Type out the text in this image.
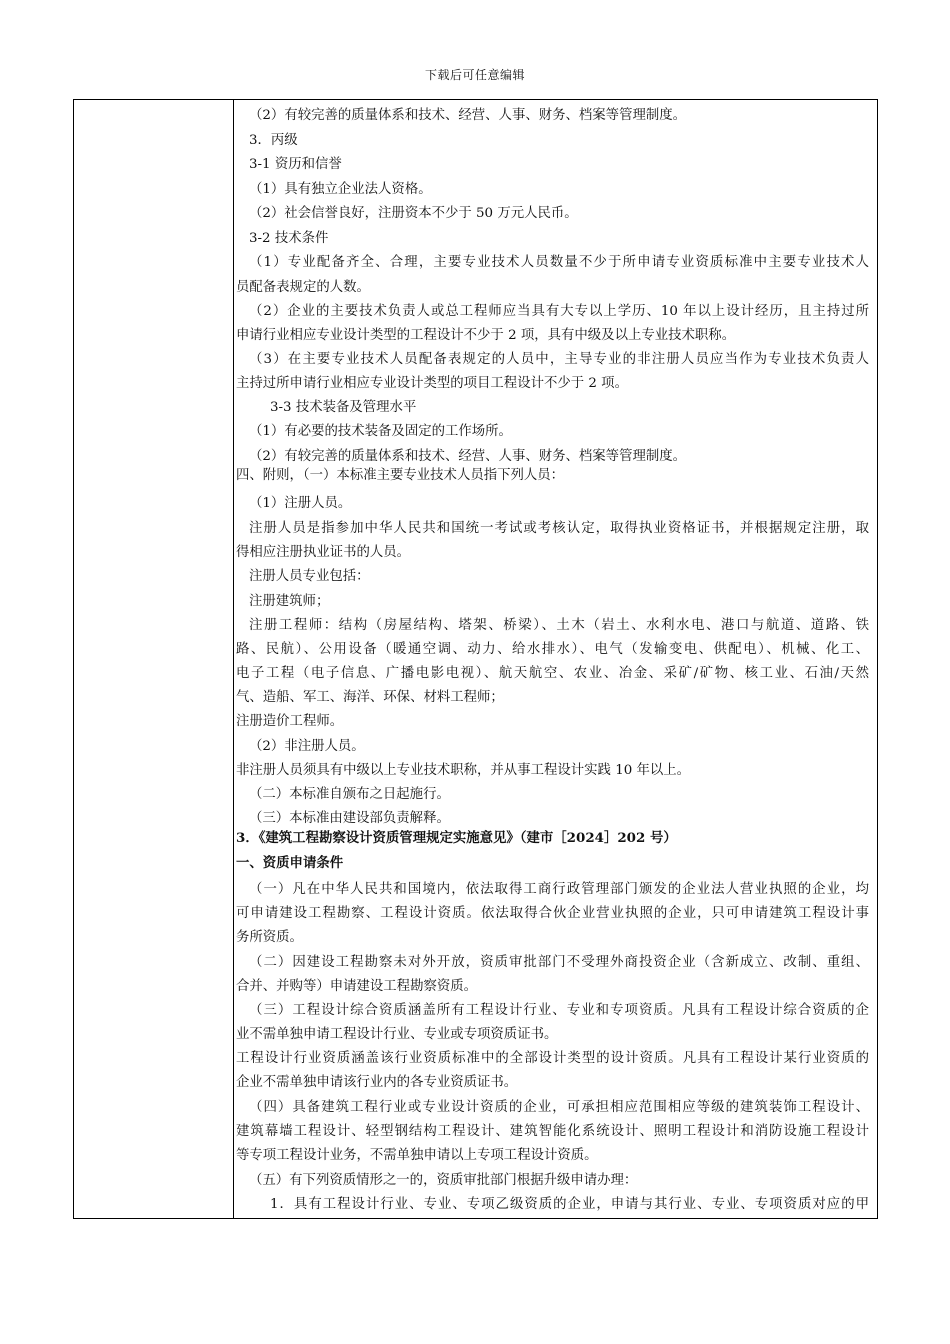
下载后可任意编辑
（2）有较完善的质量体系和技术、经营、人事、财务、档案等管理制度。
3．丙级
3-1 资历和信誉
（1）具有独立企业法人资格。
（2）社会信誉良好，注册资本不少于 50 万元人民币。
3-2 技术条件
（1）专业配备齐全、合理，主要专业技术人员数量不少于所申请专业资质标准中主要专业技术人
员配备表规定的人数。
（2）企业的主要技术负责人或总工程师应当具有大专以上学历、10 年以上设计经历，且主持过所
申请行业相应专业设计类型的工程设计不少于 2 项，具有中级及以上专业技术职称。
（3）在主要专业技术人员配备表规定的人员中，主导专业的非注册人员应当作为专业技术负责人
主持过所申请行业相应专业设计类型的项目工程设计不少于 2 项。
3-3 技术装备及管理水平
（1）有必要的技术装备及固定的工作场所。
（2）有较完善的质量体系和技术、经营、人事、财务、档案等管理制度。
四、附则，（一）本标准主要专业技术人员指下列人员：
（1）注册人员。
注册人员是指参加中华人民共和国统一考试或考核认定，取得执业资格证书，并根据规定注册，取
得相应注册执业证书的人员。
注册人员专业包括：
注册建筑师；
注册工程师：结构（房屋结构、塔架、桥梁）、土木（岩土、水利水电、港口与航道、道路、铁
路、民航）、公用设备（暖通空调、动力、给水排水）、电气（发输变电、供配电）、机械、化工、
电子工程（电子信息、广播电影电视）、航天航空、农业、冶金、采矿/矿物、核工业、石油/天然
气、造船、军工、海洋、环保、材料工程师；
注册造价工程师。
（2）非注册人员。
非注册人员须具有中级以上专业技术职称，并从事工程设计实践 10 年以上。
（二）本标准自颁布之日起施行。
（三）本标准由建设部负责解释。
3．《建筑工程勘察设计资质管理规定实施意见》（建市［2024］202 号）
一、资质申请条件
（一）凡在中华人民共和国境内，依法取得工商行政管理部门颁发的企业法人营业执照的企业，均
可申请建设工程勘察、工程设计资质。依法取得合伙企业营业执照的企业，只可申请建筑工程设计事
务所资质。
（二）因建设工程勘察未对外开放，资质审批部门不受理外商投资企业（含新成立、改制、重组、
合并、并购等）申请建设工程勘察资质。
（三）工程设计综合资质涵盖所有工程设计行业、专业和专项资质。凡具有工程设计综合资质的企
业不需单独申请工程设计行业、专业或专项资质证书。
工程设计行业资质涵盖该行业资质标准中的全部设计类型的设计资质。凡具有工程设计某行业资质的
企业不需单独申请该行业内的各专业资质证书。
（四）具备建筑工程行业或专业设计资质的企业，可承担相应范围相应等级的建筑装饰工程设计、
建筑幕墙工程设计、轻型钢结构工程设计、建筑智能化系统设计、照明工程设计和消防设施工程设计
等专项工程设计业务，不需单独申请以上专项工程设计资质。
（五）有下列资质情形之一的，资质审批部门根据升级申请办理：
1．具有工程设计行业、专业、专项乙级资质的企业，申请与其行业、专业、专项资质对应的甲
